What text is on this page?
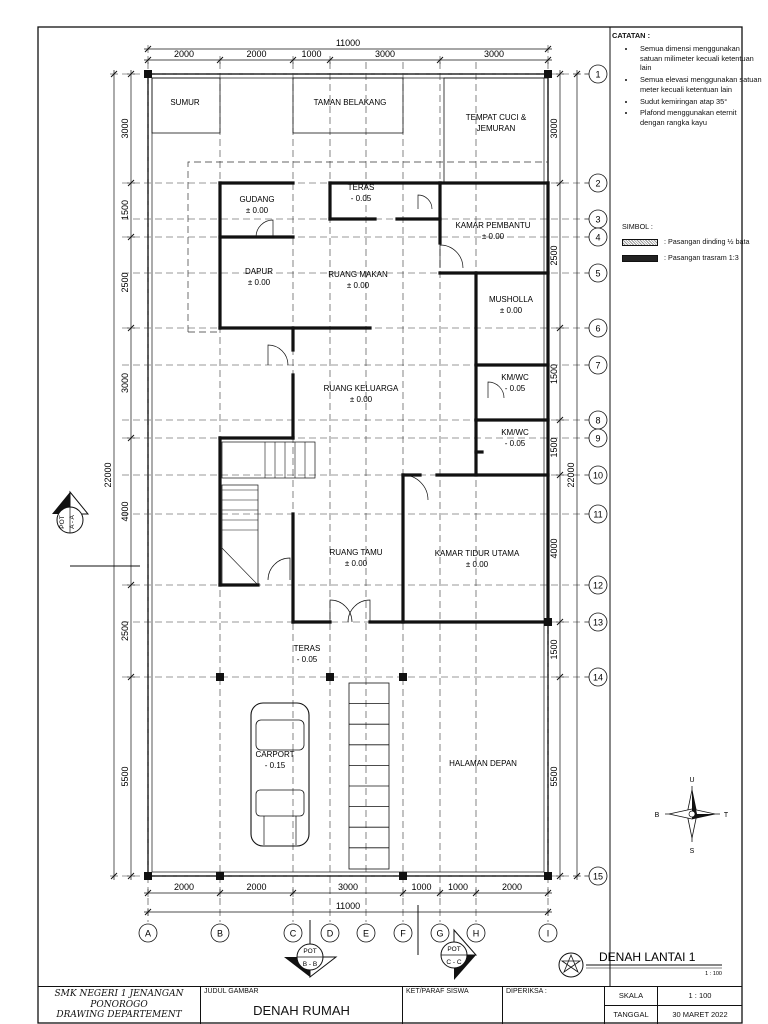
11000
2000	2000	1000	3000	3000
2000	2000	3000	1000 1000	2000
11000
3000
1500
2500
3000
4000
2500
5500
22000
3000
2500
1500
1500
4000
1500
5500
22000
SUMUR	TAMAN BELAKANG
TEMPAT CUCI &
JEMURAN
GUDANG
± 0.00
TERAS
- 0.05
KAMAR PEMBANTU
± 0.00
DAPUR
± 0.00
RUANG MAKAN
± 0.00
MUSHOLLA
± 0.00
RUANG KELUARGA
± 0.00
KM/WC
- 0.05
KM/WC
- 0.05
RUANG TAMU
± 0.00
KAMAR TIDUR UTAMA
± 0.00
TERAS
- 0.05
CARPORT
- 0.15	HALAMAN DEPAN
1
2
3
4
5
6
7
8
9
10
11
12
13
14
15
A	B	C	D	E	F	G	H	I
A - A
POT
POT
B - B
POT
C - C
U
S
T
B
DENAH LANTAI 1
1 : 100
CATATAN :
• Semua dimensi menggunakan satuan milimeter kecuali ketentuan lain
• Semua elevasi menggunakan satuan meter kecuali ketentuan lain
• Sudut kemiringan atap 35°
• Plafond menggunakan eternit dengan rangka kayu
SIMBOL :
: Pasangan dinding ½ bata
: Pasangan trasram 1:3
SMK NEGERI 1 JENANGAN
PONOROGO
DRAWING DEPARTEMENT
JUDUL GAMBAR
DENAH RUMAH
KET/PARAF SISWA	DIPERIKSA :	SKALA	1 : 100
TANGGAL	30 MARET 2022
